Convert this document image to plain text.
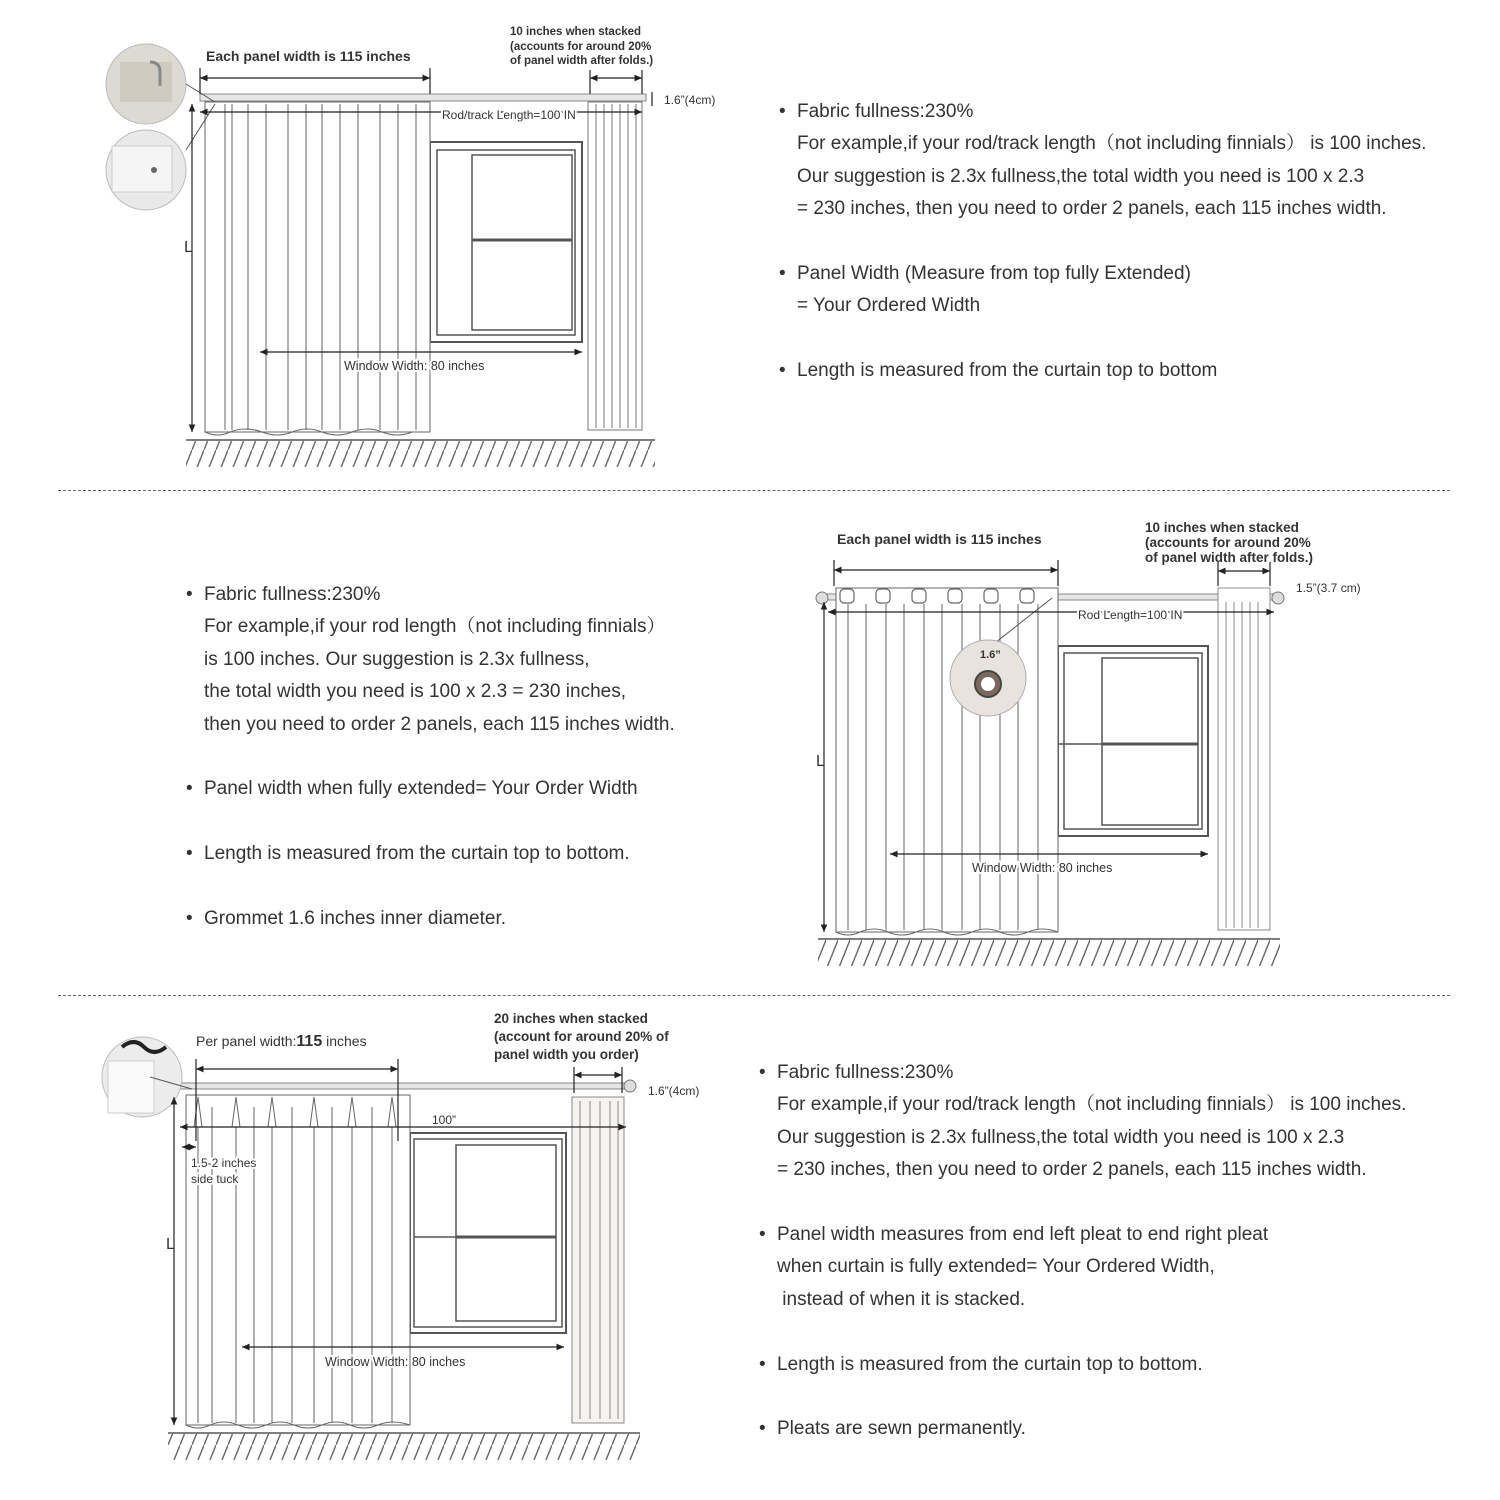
Each panel width is 115 inches
10 inches when stacked
(accounts for around 20%
of panel width after folds.)
1.6”(4cm)
Rod/track Length=100 IN
Window Width: 80 inches
L
• Fabric fullness:230%
For example,if your rod/track length（not including finnials） is 100 inches.
Our suggestion is 2.3x fullness,the total width you need is 100 x 2.3
= 230 inches, then you need to order 2 panels, each 115 inches width.
• Panel Width (Measure from top fully Extended)
= Your Ordered Width
• Length is measured from the curtain top to bottom
• Fabric fullness:230%
For example,if your rod length（not including finnials）
is 100 inches. Our suggestion is 2.3x fullness,
the total width you need is 100 x 2.3 = 230 inches,
then you need to order 2 panels, each 115 inches width.
• Panel width when fully extended= Your Order Width
• Length is measured from the curtain top to bottom.
• Grommet 1.6 inches inner diameter.
Each panel width is 115 inches
10 inches when stacked
(accounts for around 20%
of panel width after folds.)
1.5”(3.7 cm)
Rod Length=100 IN
1.6”
Window Width: 80 inches
L
Per panel width:115 inches
20 inches when stacked
(account for around 20% of
panel width you order)
1.6”(4cm)
100”
1.5-2 inches
side tuck
Window Width: 80 inches
L
• Fabric fullness:230%
For example,if your rod/track length（not including finnials） is 100 inches.
Our suggestion is 2.3x fullness,the total width you need is 100 x 2.3
= 230 inches, then you need to order 2 panels, each 115 inches width.
• Panel width measures from end left pleat to end right pleat
when curtain is fully extended= Your Ordered Width,
instead of when it is stacked.
• Length is measured from the curtain top to bottom.
• Pleats are sewn permanently.
